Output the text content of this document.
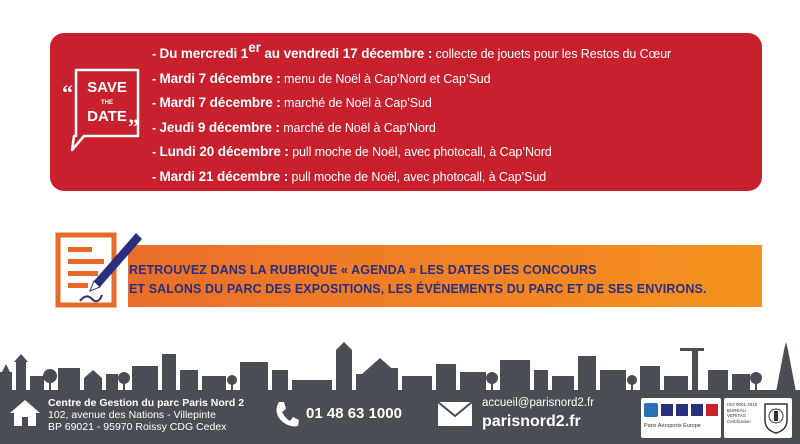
“
”
SAVE
THE
DATE
- Du mercredi 1er au vendredi 17 décembre : collecte de jouets pour les Restos du Cœur
- Mardi 7 décembre : menu de Noël à Cap’Nord et Cap’Sud
- Mardi 7 décembre : marché de Noël à Cap’Sud
- Jeudi 9 décembre : marché de Noël à Cap’Nord
- Lundi 20 décembre : pull moche de Noël, avec photocall, à Cap’Nord
- Mardi 21 décembre : pull moche de Noël, avec photocall, à Cap’Sud
RETROUVEZ DANS LA RUBRIQUE « AGENDA » LES DATES DES CONCOURS
ET SALONS DU PARC DES EXPOSITIONS, LES ÉVÉNEMENTS DU PARC ET DE SES ENVIRONS.
Centre de Gestion du parc Paris Nord 2
102, avenue des Nations - Villepinte
BP 69021 - 95970 Roissy CDG Cedex
01 48 63 1000
accueil@parisnord2.fr
parisnord2.fr	Paris Aeroports Europe
ISO 9001:2015 BUREAU VERITAS Certification
